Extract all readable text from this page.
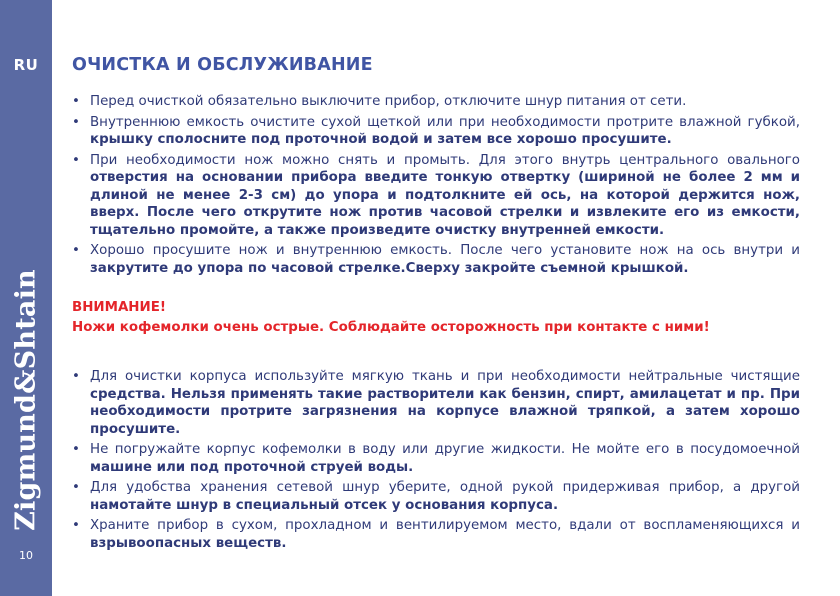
RU
Zigmund&Shtain
10
ОЧИСТКА И ОБСЛУЖИВАНИЕ
• Перед очисткой обязательно выключите прибор, отключите шнур питания от сети.
• Внутреннюю емкость очистите сухой щеткой или при необходимости протрите влажной губкой, крышку сполосните под проточной водой и затем все хорошо просушите.
• При необходимости нож можно снять и промыть. Для этого внутрь центрального овального отверстия на основании прибора введите тонкую отвертку (шириной не более 2 мм и длиной не менее 2-3 см) до упора и подтолкните ей ось, на которой держится нож, вверх. После чего открутите нож против часовой стрелки и извлеките его из емкости, тщательно промойте, а также произведите очистку внутренней емкости.
• Хорошо просушите нож и внутреннюю емкость. После чего установите нож на ось внутри и закрутите до упора по часовой стрелке.Сверху закройте съемной крышкой.
ВНИМАНИЕ!
Ножи кофемолки очень острые. Соблюдайте осторожность при контакте с ними!
• Для очистки корпуса используйте мягкую ткань и при необходимости нейтральные чистящие средства. Нельзя применять такие растворители как бензин, спирт, амилацетат и пр. При необходимости протрите загрязнения на корпусе влажной тряпкой, а затем хорошо просушите.
• Не погружайте корпус кофемолки в воду или другие жидкости. Не мойте его в посудомоечной машине или под проточной струей воды.
• Для удобства хранения сетевой шнур уберите, одной рукой придерживая прибор, а другой намотайте шнур в специальный отсек у основания корпуса.
• Храните прибор в сухом, прохладном и вентилируемом место, вдали от воспламеняющихся и взрывоопасных веществ.
